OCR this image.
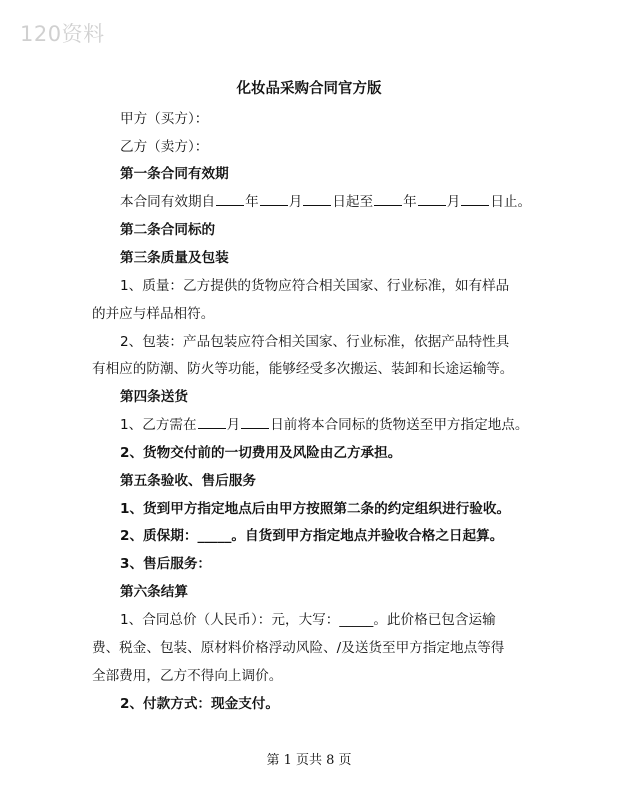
120资料
化妆品采购合同官方版
甲方（买方）：
乙方（卖方）：
第一条合同有效期
本合同有效期自 年 月 日起至 年 月 日止。
第二条合同标的
第三条质量及包装
1、质量：乙方提供的货物应符合相关国家、行业标准，如有样品
的并应与样品相符。
2、包装：产品包装应符合相关国家、行业标准，依据产品特性具
有相应的防潮、防火等功能，能够经受多次搬运、装卸和长途运输等。
第四条送货
1、乙方需在 月 日前将本合同标的货物送至甲方指定地点。
2、货物交付前的一切费用及风险由乙方承担。
第五条验收、售后服务
1、货到甲方指定地点后由甲方按照第二条的约定组织进行验收。
2、质保期：_____。自货到甲方指定地点并验收合格之日起算。
3、售后服务：
第六条结算
1、合同总价（人民币）：元，大写：_____。此价格已包含运输
费、税金、包装、原材料价格浮动风险、/及送货至甲方指定地点等得
全部费用，乙方不得向上调价。
2、付款方式：现金支付。
第 1 页共 8 页
